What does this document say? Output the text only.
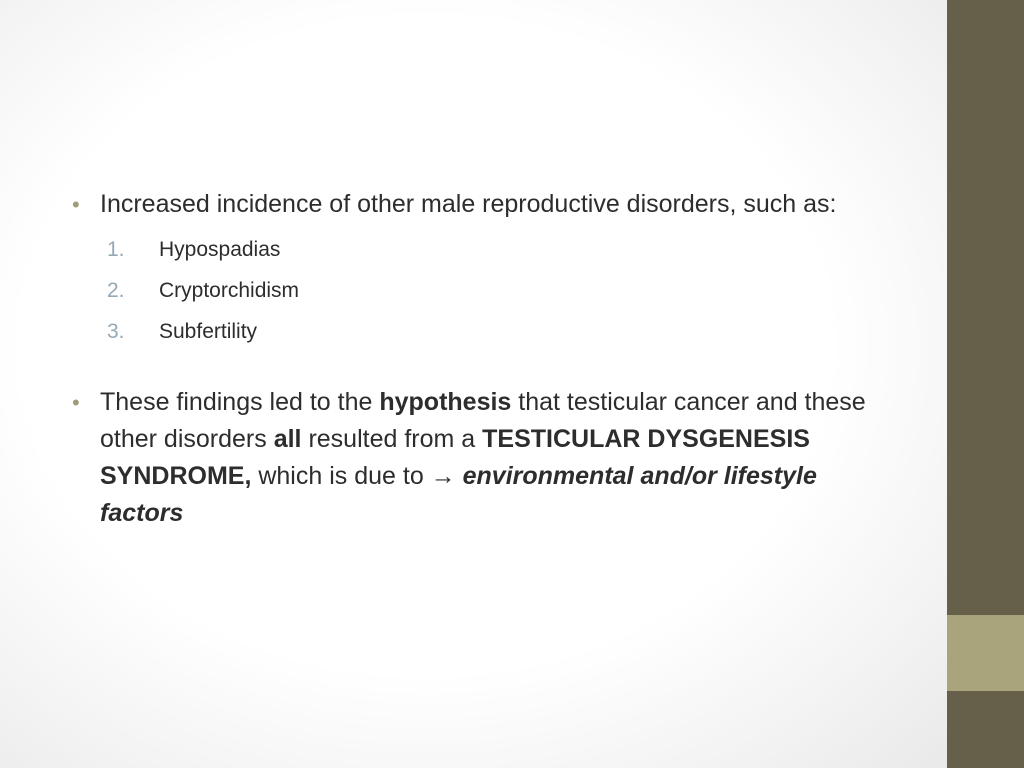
• Increased incidence of other male reproductive disorders, such as:
1. Hypospadias
2. Cryptorchidism
3. Subfertility
• These findings led to the hypothesis that testicular cancer and these other disorders all resulted from a TESTICULAR DYSGENESIS SYNDROME, which is due to → environmental and/or lifestyle factors
